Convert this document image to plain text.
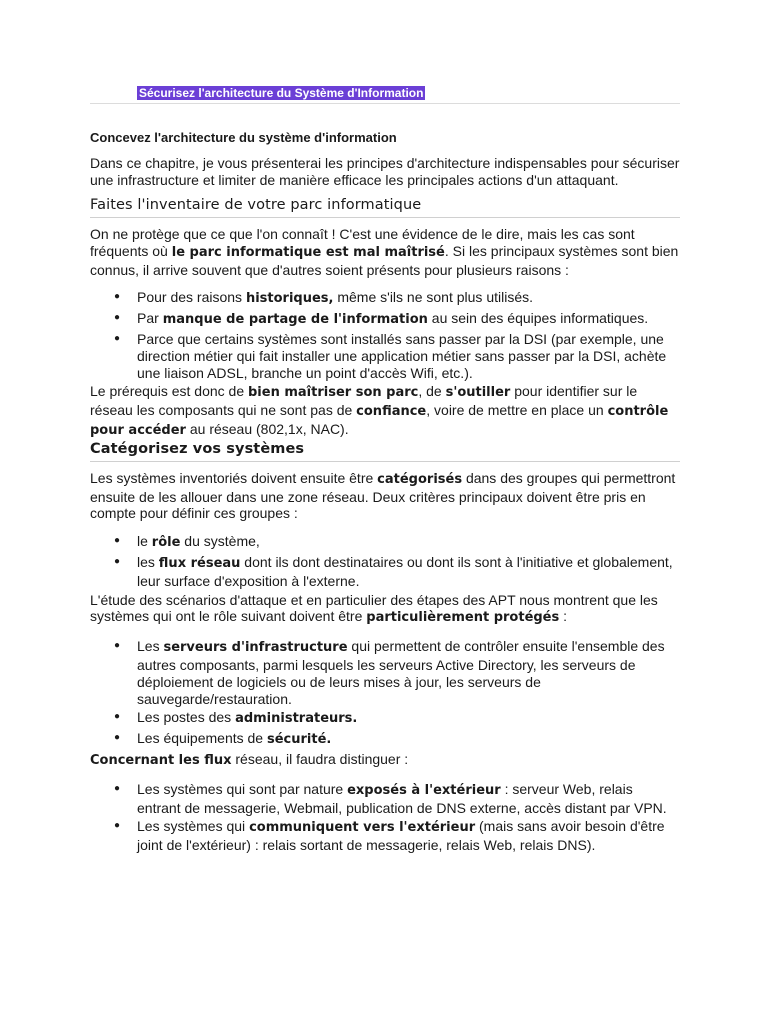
Sécurisez l'architecture du Système d'Information
Concevez l'architecture du système d'information
Dans ce chapitre, je vous présenterai les principes d'architecture indispensables pour sécuriser une infrastructure et limiter de manière efficace les principales actions d'un attaquant.
Faites l'inventaire de votre parc informatique

On ne protège que ce que l'on connaît ! C'est une évidence de le dire, mais les cas sont fréquents où le parc informatique est mal maîtrisé. Si les principaux systèmes sont bien connus, il arrive souvent que d'autres soient présents pour plusieurs raisons :

● Pour des raisons historiques, même s'ils ne sont plus utilisés.
● Par manque de partage de l'information au sein des équipes informatiques.
● Parce que certains systèmes sont installés sans passer par la DSI (par exemple, une direction métier qui fait installer une application métier sans passer par la DSI, achète une liaison ADSL, branche un point d'accès Wifi, etc.).

Le prérequis est donc de bien maîtriser son parc, de s'outiller pour identifier sur le réseau les composants qui ne sont pas de confiance, voire de mettre en place un contrôle pour accéder au réseau (802,1x, NAC).

Catégorisez vos systèmes

Les systèmes inventoriés doivent ensuite être catégorisés dans des groupes qui permettront ensuite de les allouer dans une zone réseau. Deux critères principaux doivent être pris en compte pour définir ces groupes :

● le rôle du système,
● les flux réseau dont ils dont destinataires ou dont ils sont à l'initiative et globalement, leur surface d'exposition à l'externe.

L'étude des scénarios d'attaque et en particulier des étapes des APT nous montrent que les systèmes qui ont le rôle suivant doivent être particulièrement protégés :

● Les serveurs d'infrastructure qui permettent de contrôler ensuite l'ensemble des autres composants, parmi lesquels les serveurs Active Directory, les serveurs de déploiement de logiciels ou de leurs mises à jour, les serveurs de sauvegarde/restauration.
● Les postes des administrateurs.
● Les équipements de sécurité.

Concernant les flux réseau, il faudra distinguer :

● Les systèmes qui sont par nature exposés à l'extérieur : serveur Web, relais entrant de messagerie, Webmail, publication de DNS externe, accès distant par VPN.
● Les systèmes qui communiquent vers l'extérieur (mais sans avoir besoin d'être joint de l'extérieur) : relais sortant de messagerie, relais Web, relais DNS).
